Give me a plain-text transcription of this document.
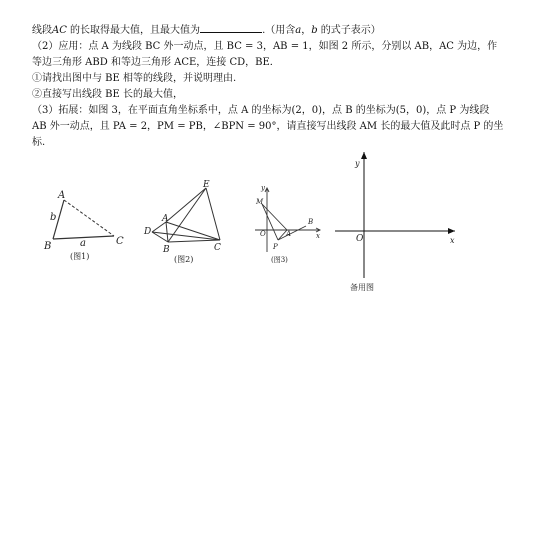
线段AC 的长取得最大值，且最大值为	.（用含a，b 的式子表示）
（2）应用：点 A 为线段 BC 外一动点，且 BC = 3，AB = 1，如图 2 所示，分别以 AB，AC 为边，作
等边三角形 ABD 和等边三角形 ACE，连接 CD，BE．
①请找出图中与 BE 相等的线段，并说明理由.
②直接写出线段 BE 长的最大值，
（3）拓展：如图 3，在平面直角坐标系中，点 A 的坐标为(2，0)，点 B 的坐标为(5，0)，点 P 为线段
AB 外一动点，且 PA = 2，PM = PB，∠BPN = 90°，请直接写出线段 AM 长的最大值及此时点 P 的坐
标.
A
B	C
b
a
(图1)
E
A
D
B	C
(图2)
y
M
B
O	A	x
P
(图3)
y
O	x
备用图
